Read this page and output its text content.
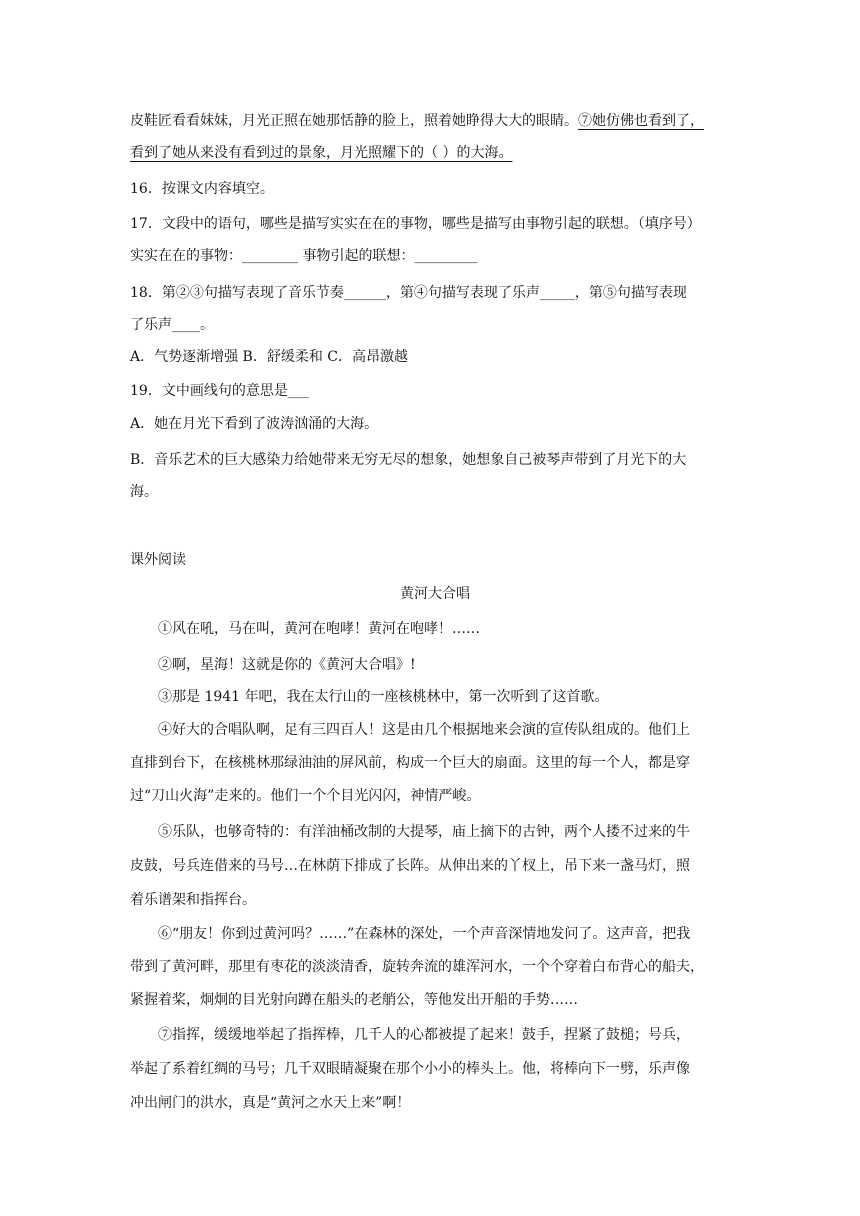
皮鞋匠看看妹妹，月光正照在她那恬静的脸上，照着她睁得大大的眼睛。⑦她仿佛也看到了，
看到了她从来没有看到过的景象，月光照耀下的（ ）的大海。
16．按课文内容填空。
17．文段中的语句，哪些是描写实实在在的事物，哪些是描写由事物引起的联想。（填序号）
实实在在的事物：________ 事物引起的联想：_________
18．第②③句描写表现了音乐节奏______，第④句描写表现了乐声_____，第⑤句描写表现
了乐声____。
A．气势逐渐增强 B．舒缓柔和 C．高昂激越
19．文中画线句的意思是___
A．她在月光下看到了波涛汹涌的大海。
B．音乐艺术的巨大感染力给她带来无穷无尽的想象，她想象自己被琴声带到了月光下的大
海。
课外阅读
黄河大合唱
①风在吼，马在叫，黄河在咆哮！黄河在咆哮！……
②啊，星海！这就是你的《黄河大合唱》!
③那是 1941 年吧，我在太行山的一座核桃林中，第一次听到了这首歌。
④好大的合唱队啊，足有三四百人！这是由几个根据地来会演的宣传队组成的。他们上
直排到台下，在核桃林那绿油油的屏风前，构成一个巨大的扇面。这里的每一个人，都是穿
过“刀山火海”走来的。他们一个个目光闪闪，神情严峻。
⑤乐队，也够奇特的：有洋油桶改制的大提琴，庙上摘下的古钟，两个人搂不过来的牛
皮鼓，号兵连借来的马号…在林荫下排成了长阵。从伸出来的丫杈上，吊下来一盏马灯，照
着乐谱架和指挥台。
⑥“朋友！你到过黄河吗？……”在森林的深处，一个声音深情地发问了。这声音，把我
带到了黄河畔，那里有枣花的淡淡清香，旋转奔流的雄浑河水，一个个穿着白布背心的船夫，
紧握着桨，炯炯的目光射向蹲在船头的老艄公，等他发出开船的手势……
⑦指挥，缓缓地举起了指挥棒，几千人的心都被提了起来！鼓手，捏紧了鼓槌；号兵，
举起了系着红绸的马号；几千双眼睛凝聚在那个小小的棒头上。他，将棒向下一劈，乐声像
冲出闸门的洪水，真是“黄河之水天上来”啊！
